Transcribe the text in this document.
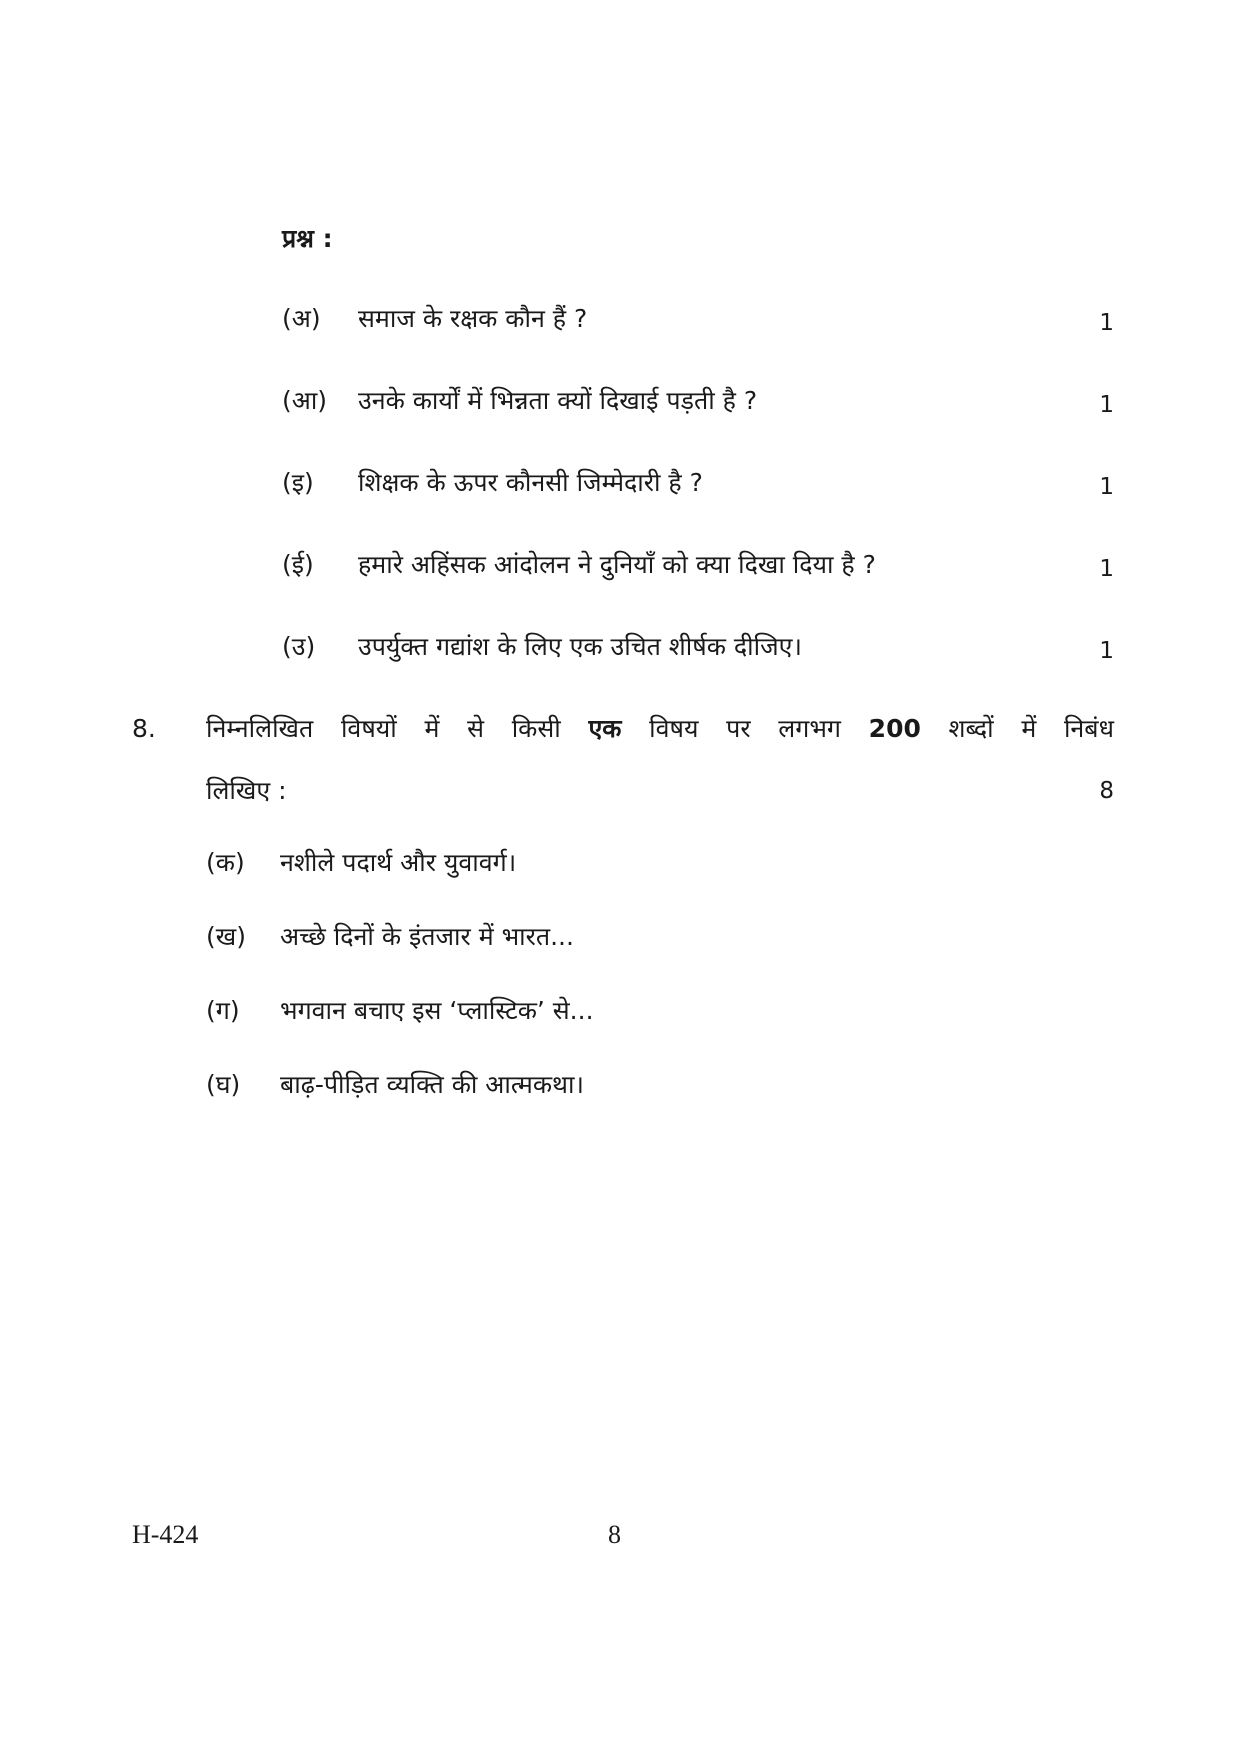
प्रश्न :
(अ) समाज के रक्षक कौन हैं ?	1
(आ) उनके कार्यों में भिन्नता क्यों दिखाई पड़ती है ?	1
(इ) शिक्षक के ऊपर कौनसी जिम्मेदारी है ?	1
(ई) हमारे अहिंसक आंदोलन ने दुनियाँ को क्या दिखा दिया है ?	1
(उ) उपर्युक्त गद्यांश के लिए एक उचित शीर्षक दीजिए।	1
8. निम्नलिखित विषयों में से किसी एक विषय पर लगभग 200 शब्दों में निबंध
लिखिए :	8
(क) नशीले पदार्थ और युवावर्ग।
(ख) अच्छे दिनों के इंतजार में भारत...
(ग) भगवान बचाए इस ‘प्लास्टिक’ से...
(घ) बाढ़-पीड़ित व्यक्ति की आत्मकथा।
H-424	8
